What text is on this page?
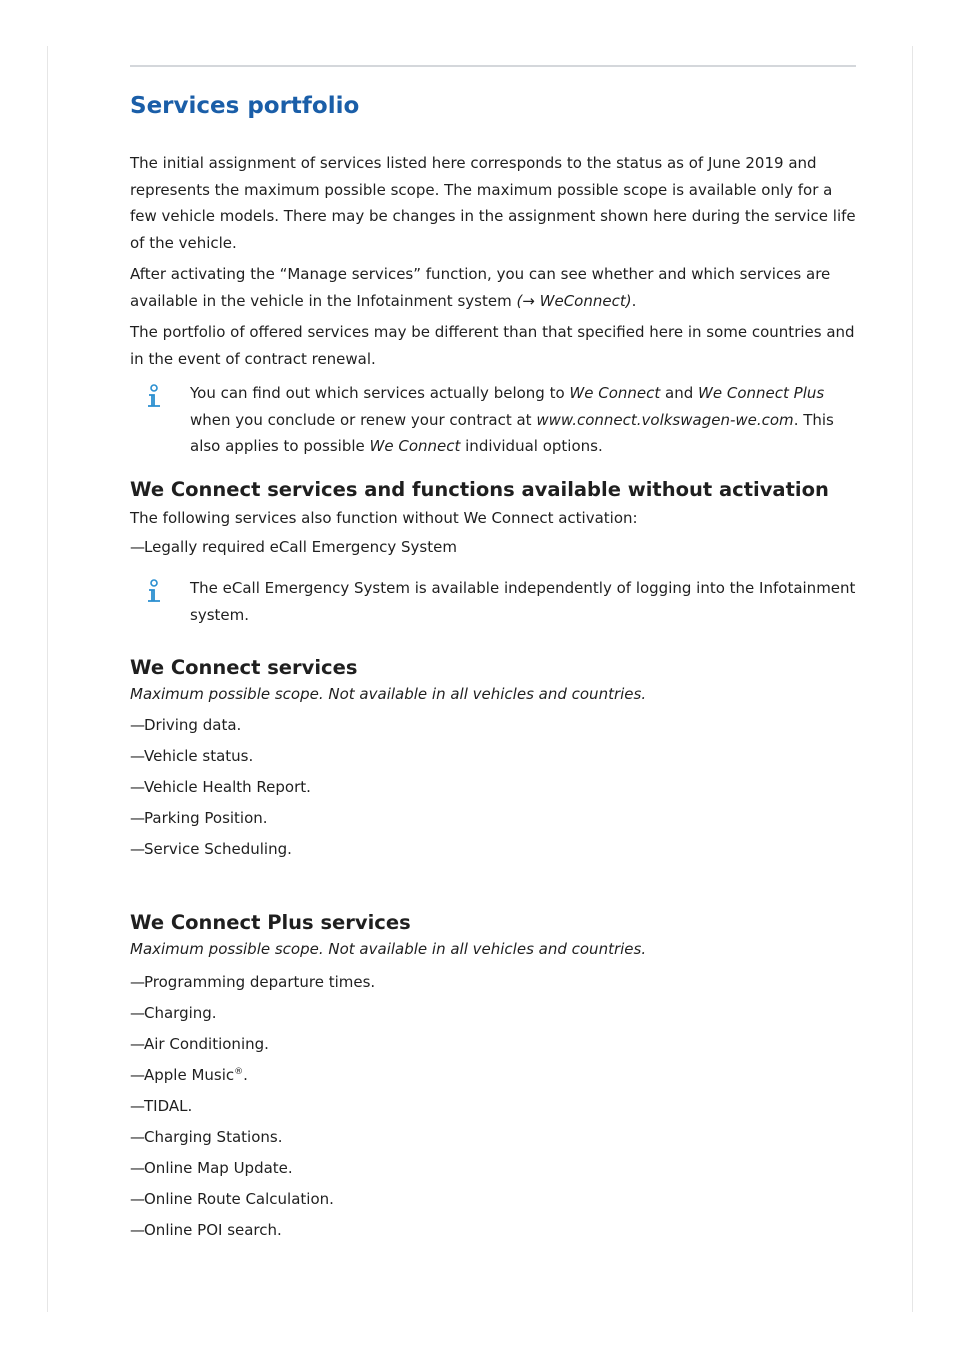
Services portfolio

The initial assignment of services listed here corresponds to the status as of June 2019 and represents the maximum possible scope. The maximum possible scope is available only for a few vehicle models. There may be changes in the assignment shown here during the service life of the vehicle.

After activating the “Manage services” function, you can see whether and which services are available in the vehicle in the Infotainment system (→ WeConnect).

The portfolio of offered services may be different than that specified here in some countries and in the event of contract renewal.

You can find out which services actually belong to We Connect and We Connect Plus when you conclude or renew your contract at www.connect.volkswagen-we.com. This also applies to possible We Connect individual options.

We Connect services and functions available without activation

The following services also function without We Connect activation:

—Legally required eCall Emergency System

The eCall Emergency System is available independently of logging into the Infotainment system.

We Connect services

Maximum possible scope. Not available in all vehicles and countries.

—Driving data.
—Vehicle status.
—Vehicle Health Report.
—Parking Position.
—Service Scheduling.
We Connect Plus services

Maximum possible scope. Not available in all vehicles and countries.

—Programming departure times.
—Charging.
—Air Conditioning.
—Apple Music®.
—TIDAL.
—Charging Stations.
—Online Map Update.
—Online Route Calculation.
—Online POI search.
